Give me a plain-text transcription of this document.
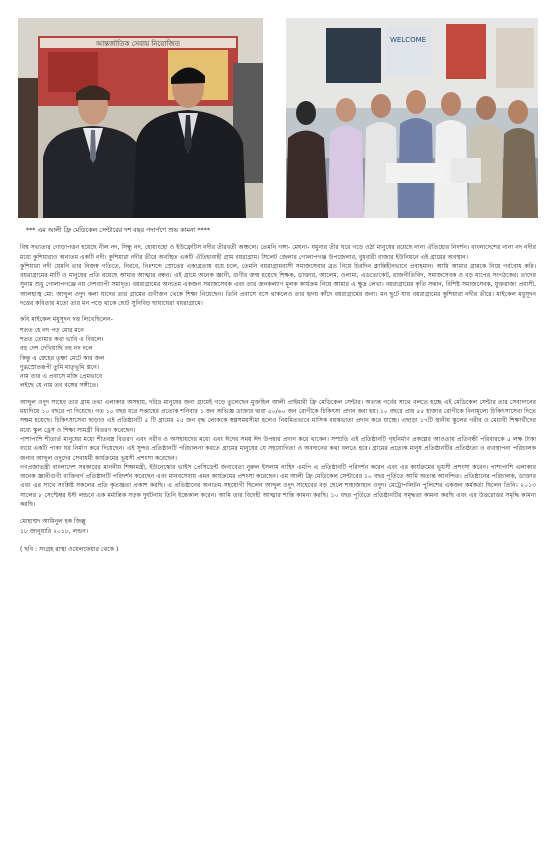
আন্তর্জাতিক সেবায় নিয়োজিত	WELCOME
*** এম আলী ফ্রি মেডিকেল সেন্টারের দশ বছর পদার্পণে শুভ কামনা ****

বিশ্ব সভ্যতার গোড়াপত্তন হয়েছে নীল নদ, সিন্ধু নদ, হোয়াংহো ও ইউফ্রেটিস নদীর তীরবর্তী অঞ্চলে। তেমনি গঙ্গা- মেঘনা- যমুনার তীর ঘরে গড়ে ওঠা মানুষের রয়েছে নানা ঐতিহ্যের নিদর্শন। বাংলাদেশের নানা নদ নদীর মধ্যে কুশিয়ারাও অন্যতম একটি নদী। কুশিয়ারা নদীর তীরে অবস্থিত একটি ঐতিহ্যবাহী গ্রাম বয়রাগ্রাম। সিলেট জেলার গোলাপগঞ্জ উপজেলার, বুধবারী বাজার ইউনিয়নে এই গ্রামের অবস্থান।

কুশিয়ারা নদী যেমনি তার নিজস্ব গতিতে, নিরবে, নিঃশব্দে স্রোতের একাগ্রতায় বয়ে চলে, তেমনি বয়রাগ্রামবাসী সমাজসেবার ব্রত নিয়ে চিরদিন ক্লান্তিহীনভাবে প্রবাহমান। আমি আমার গ্রামকে নিয়ে গর্ববোধ করি। বয়রাগ্রামের মাটি ও মানুষের প্রতি রয়েছে আমার আত্মার বন্ধন। এই গ্রামে অনেক জ্ঞানী, গুণীর জন্ম হয়েছে শিক্ষক, ডাক্তার, আলেম, ওলামা, এডভোকেট, রাজনীতিবিদ, সমাজসেবক ও বড় মাপের সংগঠকের। তাদের সুনাম শুধু গোলাপগঞ্জে নয় দেশব্যাপী সমাদৃত। বয়রাগ্রামের অন্যতম একজন সমাজসেবক এবং তার জনকল্যাণ মূলক কার্যক্রম নিয়ে আমার এ ক্ষুদ্র লেখা। বয়রাগ্রামের কৃতি সন্তান, বিশিষ্ট সমাজসেবক, যুক্তরাজ্য প্রবাসী, আলহাজ্ব মো: আব্দুল ওদুদ কলা যাদের তার গ্রামের গুণীজন থেকে শিক্ষা নিয়েছেন। তিনি প্রবাসে বসে থাকলেও তার হৃদয় কাঁদে বয়রাগ্রামের জন্য। মন ছুটে যায় বয়রাগ্রামের কুশিয়ারা নদীর তীরে। মাইকেল মধুসূদন দত্তের কবিতার মতো তার মন পড়ে থাকে ছোট সুনিবিড় ছায়াঘেরা বয়রাগ্রামে।

কবি মাইকেল মধুসূদন দত্ত লিখেছিলেন-
শতত হে নদ পড় মোর মনে
শতত তোমার কথা ভাবি এ বিরলে।
বহু দেশ দেখিয়াছি বহু নদ দলে
কিন্তু এ স্নেহের তৃষ্ণা মেটে কার জল
দুগ্ধস্রোতরূপী তুমি মাতৃভূমি স্তনে।
নাম তার এ প্রবাসে মজি প্রেমভাবে
লইছে যে নাম তব বঙ্গের সঙ্গীতে।

আব্দুল ওদুদ সাহেব তার গ্রাম তথা এলাকার অসহায়, দরিদ্র মানুষের জন্য গ্রামেই গড়ে তুলেছেন মুক্তহিল আলী প্রাইমারী ফ্রি মেডিকেল সেন্টার। অত্যন্ত গর্বের সাথে বলতে হচ্ছে এই মেডিকেল সেন্টার তার সেবাদানের মধ্যদিয়ে ১০ বছরে পা দিয়েছে। গত ১০ বছর ধরে সপ্তাহের প্রত্যেক শনিবার ১ জন অভিজ্ঞ ডাক্তার দ্বারা ৫০/৬০ জন রোগীকে চিকিৎসা প্রদান করা হয়। ১০ বছরে প্রায় ৫৫ হাজার রোগীকে বিনামূল্যে চিকিৎসাসেবা দিতে সক্ষম হয়েছে। চিকিৎসাসেবা ছাড়াও এই প্রতিষ্ঠানটি ৫ টি গ্রামের ২৫ জন বৃদ্ধ লোককে স্বল্পসময়সীমা হলেও নিয়মিতভাবে মাসিক বয়স্কভাতা প্রদান করে যাচ্ছে। এছাড়া ১৭টি স্থানীয় স্কুলের গরীব ও মেধাবী শিক্ষার্থীদের মধ্যে স্কুল ড্রেস ও শিক্ষা সামগ্রী বিতরণ করেছেন।

পাশাপাশি শীতার্ত মানুষের মধ্যে শীতবস্ত্র বিতরণ এবং গরীব ও অসহায়দের মধ্যে এবং ঈদের সময় ঈদ উপহার প্রদান করে থাকেন। সম্প্রতি এই প্রতিষ্ঠানটি গৃহনির্মাণ প্রকল্পের আওতায় প্রতিবন্ধী পরিবারকে ৫ লক্ষ টাকা ব্যয়ে একটি পাকা ঘর নির্মাণ করে দিয়েছেন। এই সুন্দর প্রতিষ্ঠানটি পরিচালনা করতে গ্রামের মানুষের যে সহযোগিতা ও অবদানের কথা বলতে হবে। গ্রামের প্রত্যেক মানুষ প্রতিষ্ঠানটির প্রতিষ্ঠাতা ও ব্যবস্থাপনা পরিচালক জনাব আব্দুল ওদুদের সেবাধর্মী কার্যক্রমের ভূয়সী প্রশংসা করেছেন।

গণপ্রজাতন্ত্রী বাংলাদেশ সরকারের মাননীয় শিক্ষামন্ত্রী, ইউনেস্কোর ভাইস প্রেসিডেন্ট জনাবেতা নুরুল ইসলাম নাহিদ এমপি এ প্রতিষ্ঠানটি পরিদর্শন করেন এবং এর কার্যক্রমের ভূয়সী প্রশংসা করেন। পাশাপাশি এলাকার অনেক জ্ঞানীগুণী ব্যক্তিবর্গ প্রতিষ্ঠানটি পরিদর্শন করেছেন এবং মানবসেবায় এমন কার্যক্রমের প্রশংসা করেছেন। এম আলী ফ্রি মেডিকেল সেন্টারের ১০ বছর পূর্তিতে আমি অত্যন্ত আনন্দিত। প্রতিষ্ঠানের পরিচালক, ডাক্তার এবং এর সাথে সংশ্লিষ্ট সকলের প্রতি কৃতজ্ঞতা প্রকাশ করছি। এ প্রতিষ্ঠানের অন্যতম সহযোগী ছিলেন আব্দুল ওদুদ সাহেবের বড় ছেলে শাহাজাহান ওদুদ। মেট্রোপলিটন পুলিশের একজন কর্মকর্তা ছিলেন তিনি। ২০১৩ সালের ৮ সেপ্টেম্বর ইস্ট লন্ডনে এক মর্মান্তিক সড়ক দুর্ঘটনায় তিনি ইন্তেকাল করেন। আমি তার বিদেহী আত্মার শান্তি কামনা করছি। ১০ বছর পূর্তিতে প্রতিষ্ঠানটির সমৃদ্ধতা কামনা করছি এবং এর উত্তরোত্তর সমৃদ্ধি কামনা করছি।

মোহাম্মদ আমিনুল হক জিল্লু
১৮ জানুয়ারি ২০১৮, লন্ডন।
( ছবি : সংগ্রহ রাস্থা ওয়েলফেয়ার থেকে )
